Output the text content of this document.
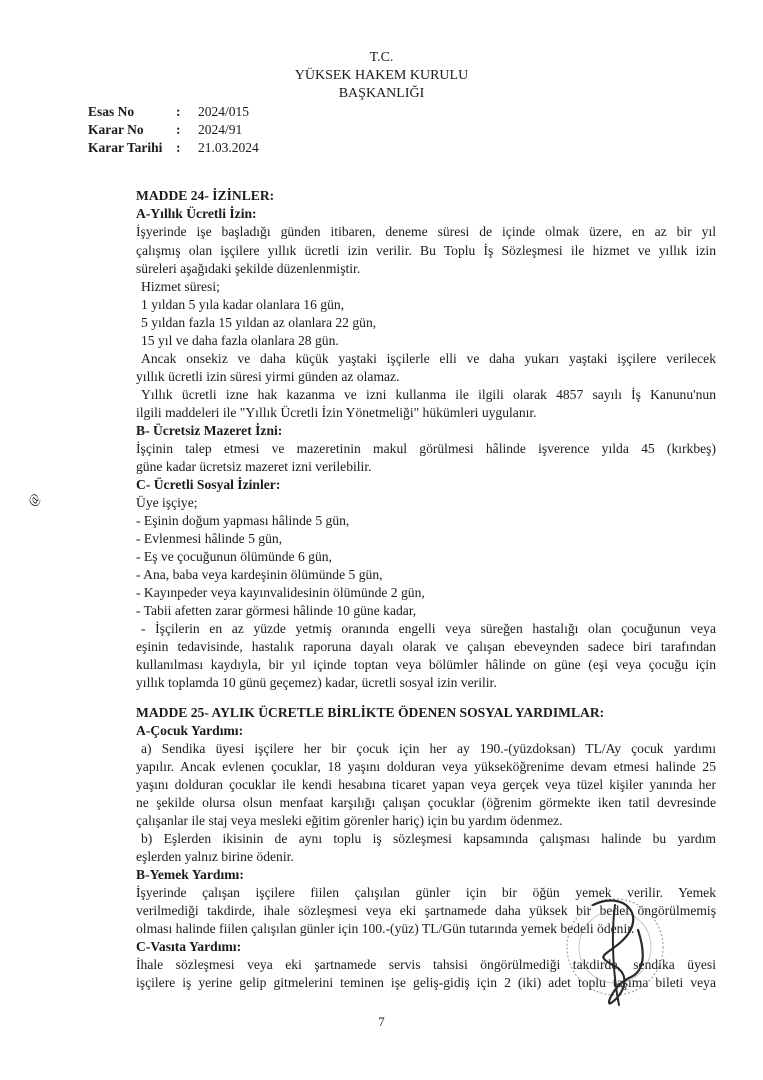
T.C.
YÜKSEK HAKEM KURULU
BAŞKANLIĞI
Esas No	: 2024/015
Karar No : 2024/91
Karar Tarihi : 21.03.2024
MADDE 24- İZİNLER:
A-Yıllık Ücretli İzin:
İşyerinde işe başladığı günden itibaren, deneme süresi de içinde olmak üzere, en az bir yıl
çalışmış olan işçilere yıllık ücretli izin verilir. Bu Toplu İş Sözleşmesi ile hizmet ve yıllık izin
süreleri aşağıdaki şekilde düzenlenmiştir.
Hizmet süresi;
1 yıldan 5 yıla kadar olanlara 16 gün,
5 yıldan fazla 15 yıldan az olanlara 22 gün,
15 yıl ve daha fazla olanlara 28 gün.
Ancak onsekiz ve daha küçük yaştaki işçilerle elli ve daha yukarı yaştaki işçilere verilecek
yıllık ücretli izin süresi yirmi günden az olamaz.
Yıllık ücretli izne hak kazanma ve izni kullanma ile ilgili olarak 4857 sayılı İş Kanunu'nun
ilgili maddeleri ile "Yıllık Ücretli İzin Yönetmeliği" hükümleri uygulanır.
B- Ücretsiz Mazeret İzni:
İşçinin talep etmesi ve mazeretinin makul görülmesi hâlinde işverence yılda 45 (kırkbeş)
güne kadar ücretsiz mazeret izni verilebilir.
C- Ücretli Sosyal İzinler:
Üye işçiye;
- Eşinin doğum yapması hâlinde 5 gün,
- Evlenmesi hâlinde 5 gün,
- Eş ve çocuğunun ölümünde 6 gün,
- Ana, baba veya kardeşinin ölümünde 5 gün,
- Kayınpeder veya kayınvalidesinin ölümünde 2 gün,
- Tabii afetten zarar görmesi hâlinde 10 güne kadar,
- İşçilerin en az yüzde yetmiş oranında engelli veya süreğen hastalığı olan çocuğunun veya
eşinin tedavisinde, hastalık raporuna dayalı olarak ve çalışan ebeveynden sadece biri tarafından
kullanılması kaydıyla, bir yıl içinde toptan veya bölümler hâlinde on güne (eşi veya çocuğu için
yıllık toplamda 10 günü geçemez) kadar, ücretli sosyal izin verilir.
MADDE 25- AYLIK ÜCRETLE BİRLİKTE ÖDENEN SOSYAL YARDIMLAR:
A-Çocuk Yardımı:
a) Sendika üyesi işçilere her bir çocuk için her ay 190.-(yüzdoksan) TL/Ay çocuk yardımı
yapılır. Ancak evlenen çocuklar, 18 yaşını dolduran veya yükseköğrenime devam etmesi halinde 25
yaşını dolduran çocuklar ile kendi hesabına ticaret yapan veya gerçek veya tüzel kişiler yanında her
ne şekilde olursa olsun menfaat karşılığı çalışan çocuklar (öğrenim görmekte iken tatil devresinde
çalışanlar ile staj veya mesleki eğitim görenler hariç) için bu yardım ödenmez.
b) Eşlerden ikisinin de aynı toplu iş sözleşmesi kapsamında çalışması halinde bu yardım
eşlerden yalnız birine ödenir.
B-Yemek Yardımı:
İşyerinde çalışan işçilere fiilen çalışılan günler için bir öğün yemek verilir. Yemek
verilmediği takdirde, ihale sözleşmesi veya eki şartnamede daha yüksek bir bedel öngörülmemiş
olması halinde fiilen çalışılan günler için 100.-(yüz) TL/Gün tutarında yemek bedeli ödenir.
C-Vasıta Yardımı:
İhale sözleşmesi veya eki şartnamede servis tahsisi öngörülmediği takdirde, sendika üyesi
işçilere iş yerine gelip gitmelerini teminen işe geliş-gidiş için 2 (iki) adet toplu taşıma bileti veya
@
7
